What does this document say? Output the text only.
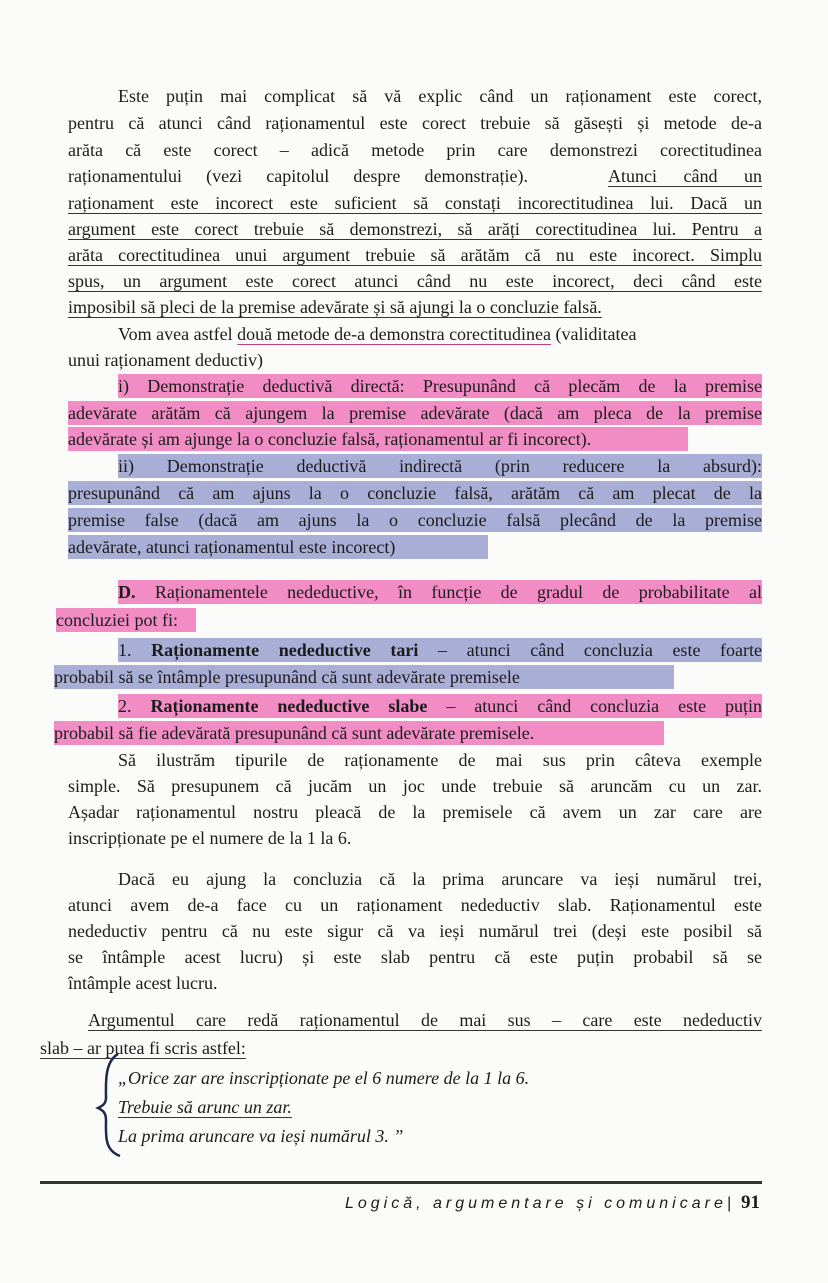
Este puțin mai complicat să vă explic când un raționament este corect,
pentru că atunci când raționamentul este corect trebuie să găsești și metode de-a
arăta că este corect – adică metode prin care demonstrezi corectitudinea
raționamentului (vezi capitolul despre demonstrație).	Atunci când un
raționament este incorect este suficient să constați incorectitudinea lui. Dacă un
argument este corect trebuie să demonstrezi, să arăți corectitudinea lui. Pentru a
arăta corectitudinea unui argument trebuie să arătăm că nu este incorect. Simplu
spus, un argument este corect atunci când nu este incorect, deci când este
imposibil să pleci de la premise adevărate și să ajungi la o concluzie falsă.
Vom avea astfel două metode de-a demonstra corectitudinea (validitatea
unui raționament deductiv)
i) Demonstrație deductivă directă: Presupunând că plecăm de la premise
adevărate arătăm că ajungem la premise adevărate (dacă am pleca de la premise
adevărate și am ajunge la o concluzie falsă, raționamentul ar fi incorect).
ii) Demonstrație deductivă indirectă (prin reducere la absurd):
presupunând că am ajuns la o concluzie falsă, arătăm că am plecat de la
premise false (dacă am ajuns la o concluzie falsă plecând de la premise
adevărate, atunci raționamentul este incorect)
D. Raționamentele nedeductive, în funcție de gradul de probabilitate al
concluziei pot fi:
1. Raționamente nedeductive tari – atunci când concluzia este foarte
probabil să se întâmple presupunând că sunt adevărate premisele
2. Raționamente nedeductive slabe – atunci când concluzia este puțin
probabil să fie adevărată presupunând că sunt adevărate premisele.
Să ilustrăm tipurile de raționamente de mai sus prin câteva exemple
simple. Să presupunem că jucăm un joc unde trebuie să aruncăm cu un zar.
Așadar raționamentul nostru pleacă de la premisele că avem un zar care are
inscripționate pe el numere de la 1 la 6.
Dacă eu ajung la concluzia că la prima aruncare va ieși numărul trei,
atunci avem de-a face cu un raționament nedeductiv slab. Raționamentul este
nedeductiv pentru că nu este sigur că va ieși numărul trei (deși este posibil să
se întâmple acest lucru) și este slab pentru că este puțin probabil să se
întâmple acest lucru.
Argumentul care redă raționamentul de mai sus – care este nedeductiv
slab – ar putea fi scris astfel:
„Orice zar are inscripționate pe el 6 numere de la 1 la 6.
Trebuie să arunc un zar.
La prima aruncare va ieși numărul 3. ”
Logică, argumentare și comunicare| 91
